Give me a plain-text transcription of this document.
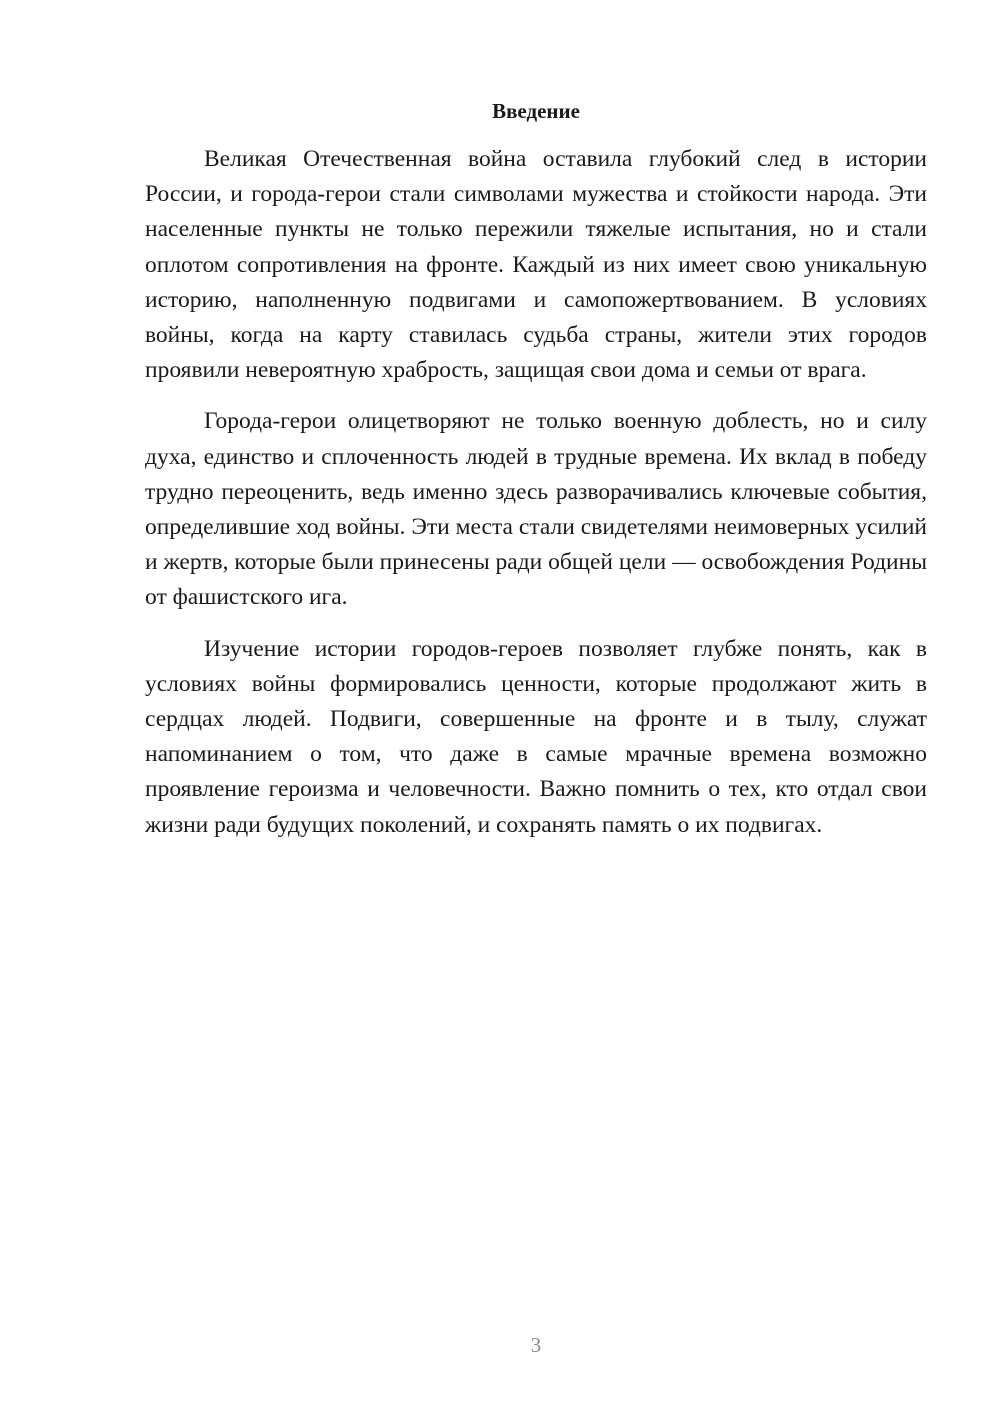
Введение

Великая Отечественная война оставила глубокий след в истории России, и города-герои стали символами мужества и стойкости народа. Эти населенные пункты не только пережили тяжелые испытания, но и стали оплотом сопротивления на фронте. Каждый из них имеет свою уникальную историю, наполненную подвигами и самопожертвованием. В условиях войны, когда на карту ставилась судьба страны, жители этих городов проявили невероятную храбрость, защищая свои дома и семьи от врага.

Города-герои олицетворяют не только военную доблесть, но и силу духа, единство и сплоченность людей в трудные времена. Их вклад в победу трудно переоценить, ведь именно здесь разворачивались ключевые события, определившие ход войны. Эти места стали свидетелями неимоверных усилий и жертв, которые были принесены ради общей цели — освобождения Родины от фашистского ига.

Изучение истории городов-героев позволяет глубже понять, как в условиях войны формировались ценности, которые продолжают жить в сердцах людей. Подвиги, совершенные на фронте и в тылу, служат напоминанием о том, что даже в самые мрачные времена возможно проявление героизма и человечности. Важно помнить о тех, кто отдал свои жизни ради будущих поколений, и сохранять память о их подвигах.

3
